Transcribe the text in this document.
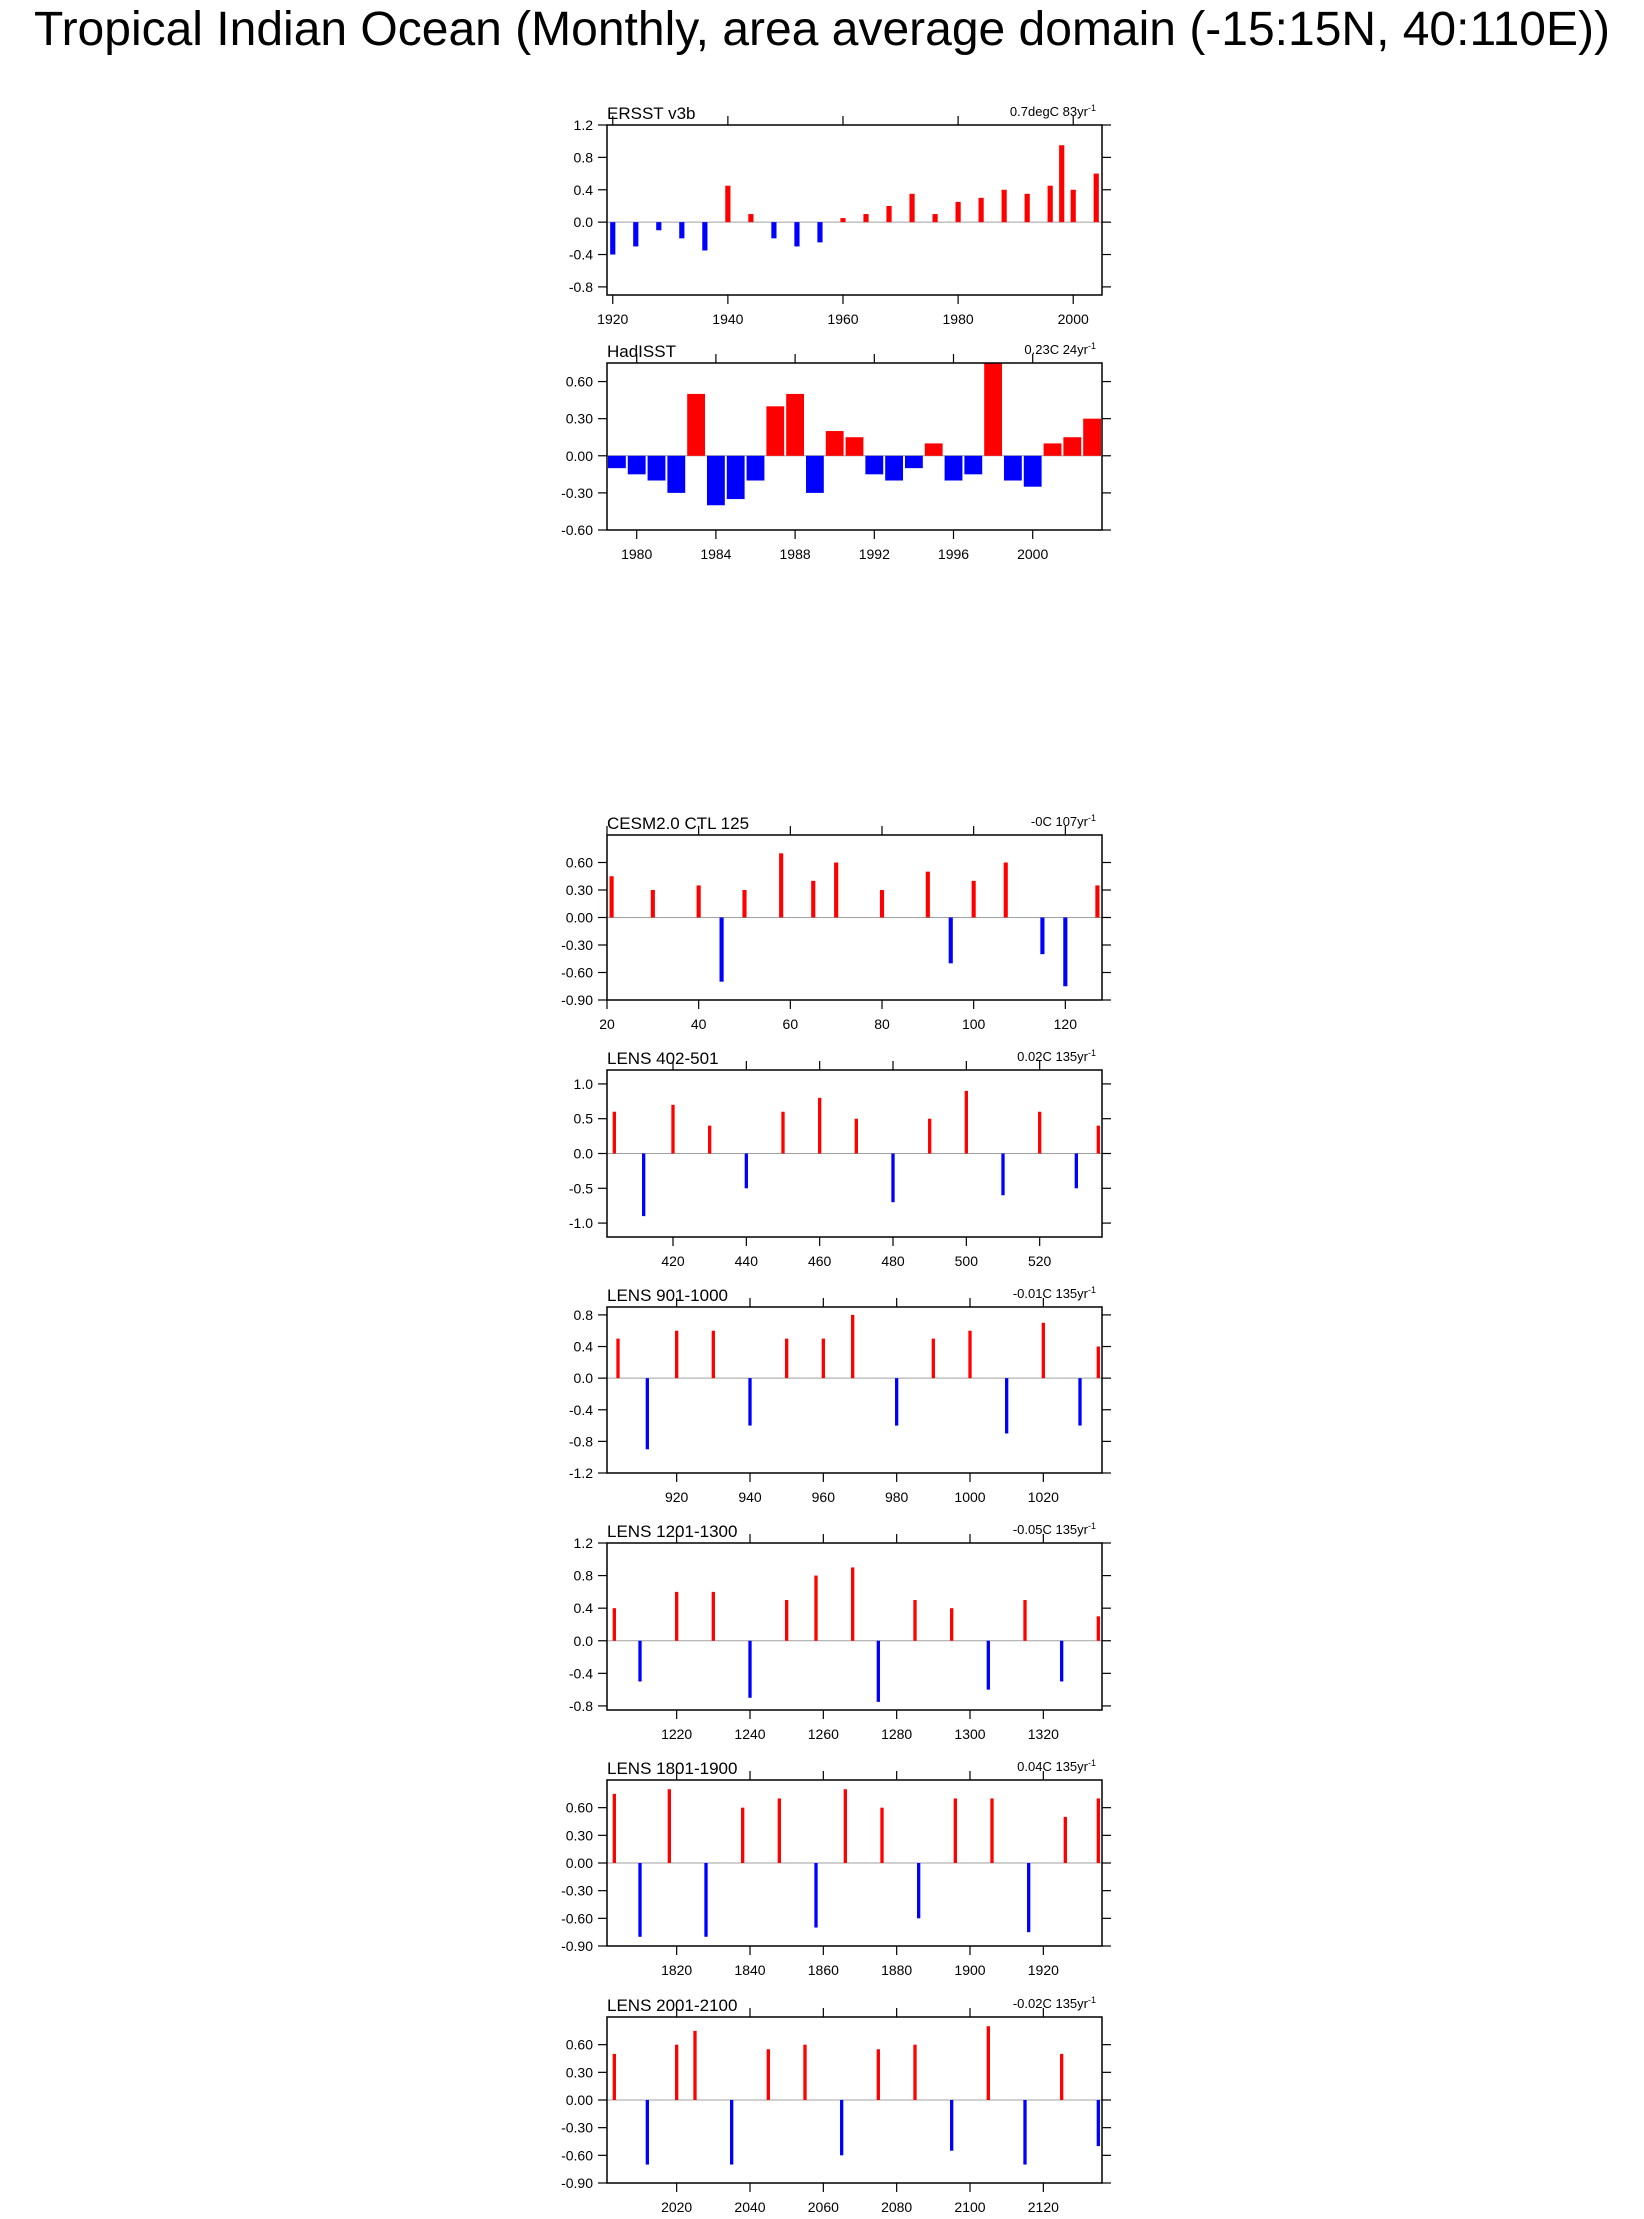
Tropical Indian Ocean (Monthly, area average domain (-15:15N, 40:110E))
-0.8
-0.4
0.0
0.4
0.8
1.2
1920	1940	1960	1980	2000
ERSST v3b	0.7degC $83yr^{-1}$
-0.60
-0.30
0.00
0.30
0.60
1980	1984	1988	1992	1996	2000
HadISST	0.23C $24yr^{-1}$
-0.90
-0.60
-0.30
0.00
0.30
0.60
20	40	60	80	100	120
CESM2.0 CTL 125	-0C $107yr^{-1}$
-1.0
-0.5
0.0
0.5
1.0
420	440	460	480	500	520
LENS 402-501	0.02C $135yr^{-1}$
-1.2
-0.8
-0.4
0.0
0.4
0.8
920	940	960	980	1000	1020
LENS 901-1000	-0.01C $135yr^{-1}$
-0.8
-0.4
0.0
0.4
0.8
1.2
1220	1240	1260	1280	1300	1320
LENS 1201-1300	-0.05C $135yr^{-1}$
-0.90
-0.60
-0.30
0.00
0.30
0.60
1820	1840	1860	1880	1900	1920
LENS 1801-1900	0.04C $135yr^{-1}$
-0.90
-0.60
-0.30
0.00
0.30
0.60
2020	2040	2060	2080	2100	2120
LENS 2001-2100	-0.02C $135yr^{-1}$
